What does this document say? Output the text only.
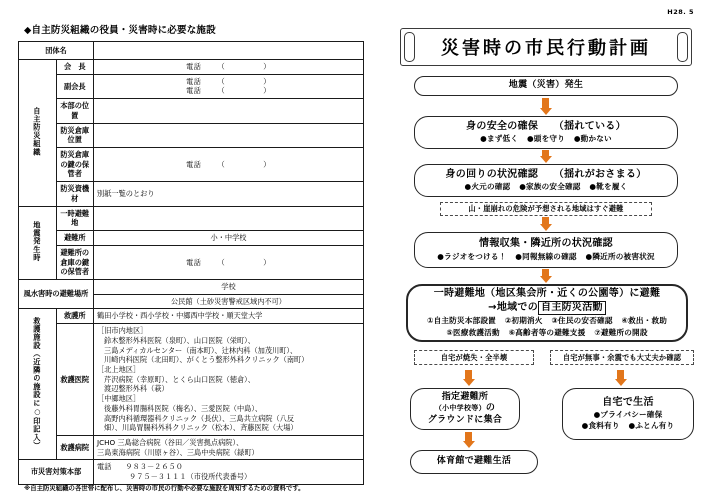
◆自主防災組織の役員・災害時に必要な施設
団体名		
自主防災組織	会　長	電話 （ ）

	副会長	電話 （ ）
電話 （ ）

	本部の位置	
	防災倉庫位置	
	防災倉庫の鍵の保管者	電話 （ ）

	防災資機材	別紙一覧のとおり
地震発生時	一時避難地	
	避難所	小・中学校
	避難所の倉庫の鍵の保管者	電話 （ ）

風水害時の避難場所		学校
		公民館（土砂災害警戒区域内不可）
救護施設（近隣の施設に○印記入）	救護所	鶴田小学校・西小学校・中郷西中学校・順天堂大学
救護医院	
［旧市内地区］
鈴木整形外科医院（泉町）、山口医院（栄町）、
三島メディカルセンター（南本町）、辻林内科（加茂川町）、
川崎内科医院（北田町）、がくとう整形外科クリニック（南町）
［北上地区］
芹沢病院（幸原町）、とくら山口医院（徳倉）、
渡辺整形外科（萩）
［中郷地区］
後藤外科胃腸科医院（梅名）、三愛医院（中島）、
高野内科循環器科クリニック（長伏）、三島共立病院（八反
畑）、川島胃腸科外科クリニック（松本）、斉藤医院（大場）

	救護病院	JCHO 三島総合病院（谷田／災害拠点病院）、
三島東海病院（川原ヶ谷）、三島中央病院（緑町）

市災害対策本部		電話 ９８３－２６５０
９７５－３１１１（市役所代表番号）
※自主防災組織の各世帯に配布し、災害時の市民の行動や必要な施設を周知するための資料です。
H28. 5
災害時の市民行動計画
地震（災害）発生
身の安全の確保　　（揺れている）
●まず低く ●頭を守り ●動かない
身の回りの状況確認　　（揺れがおさまる）
●火元の確認 ●家族の安全確認 ●靴を履く
山・崖崩れの危険が予想される地域はすぐ避難
情報収集・隣近所の状況確認
●ラジオをつける！ ●同報無線の確認 ●隣近所の被害状況
一時避難地（地区集会所・近くの公園等）に避難
→地域での 自主防災活動
①自主防災本部設置 ②初期消火 ③住民の安否確認 ④救出・救助
⑤医療救護活動 ⑥高齢者等の避難支援 ⑦避難所の開設
自宅が焼失・全半壊	自宅が無事・余震でも大丈夫か確認
指定避難所（小中学校等）の
グラウンドに集合
自宅で生活
●プライバシー確保
●食料有り ●ふとん有り
体育館で避難生活
